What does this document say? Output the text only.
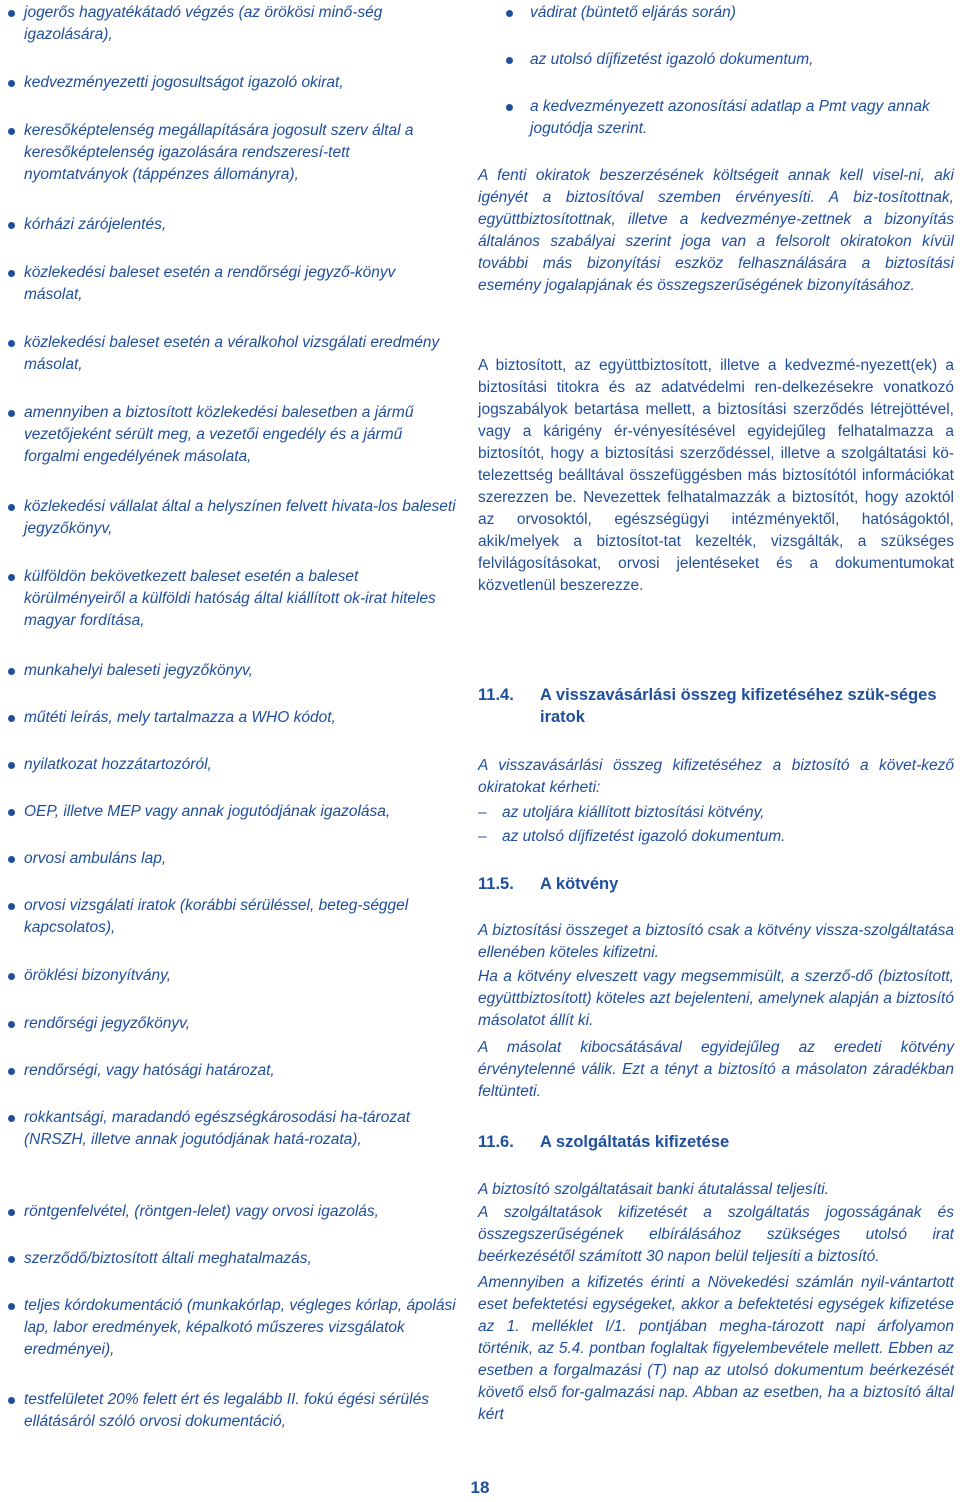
jogerős hagyatékátadó végzés (az örökösi minő-ség igazolására),
kedvezményezetti jogosultságot igazoló okirat,
keresőképtelenség megállapítására jogosult szerv által a keresőképtelenség igazolására rendszeresí-tett nyomtatványok (táppénzes állományra),
kórházi zárójelentés,
közlekedési baleset esetén a rendőrségi jegyző-könyv másolat,
közlekedési baleset esetén a véralkohol vizsgálati eredmény másolat,
amennyiben a biztosított közlekedési balesetben a jármű vezetőjeként sérült meg, a vezetői engedély és a jármű forgalmi engedélyének másolata,
közlekedési vállalat által a helyszínen felvett hivata-los baleseti jegyzőkönyv,
külföldön bekövetkezett baleset esetén a baleset körülményeiről a külföldi hatóság által kiállított ok-irat hiteles magyar fordítása,
munkahelyi baleseti jegyzőkönyv,
műtéti leírás, mely tartalmazza a WHO kódot,
nyilatkozat hozzátartozóról,
OEP, illetve MEP vagy annak jogutódjának igazolása,
orvosi ambuláns lap,
orvosi vizsgálati iratok (korábbi sérüléssel, beteg-séggel kapcsolatos),
öröklési bizonyítvány,
rendőrségi jegyzőkönyv,
rendőrségi, vagy hatósági határozat,
rokkantsági, maradandó egészségkárosodási ha-tározat (NRSZH, illetve annak jogutódjának hatá-rozata),
röntgenfelvétel, (röntgen-lelet) vagy orvosi igazolás,
szerződő/biztosított általi meghatalmazás,
teljes kórdokumentáció (munkakórlap, végleges kórlap, ápolási lap, labor eredmények, képalkotó műszeres vizsgálatok eredményei),
testfelületet 20% felett ért és legalább II. fokú égési sérülés ellátásáról szóló orvosi dokumentáció,
vádirat (büntető eljárás során)
az utolsó díjfizetést igazoló dokumentum,
a kedvezményezett azonosítási adatlap a Pmt vagy annak jogutódja szerint.
A fenti okiratok beszerzésének költségeit annak kell visel-ni, aki igényét a biztosítóval szemben érvényesíti. A biz-tosítottnak, együttbiztosítottnak, illetve a kedvezménye-zettnek a bizonyítás általános szabályai szerint joga van a felsorolt okiratokon kívül további más bizonyítási eszköz felhasználására a biztosítási esemény jogalapjának és összegszerűségének bizonyításához.
A biztosított, az együttbiztosított, illetve a kedvezmé-nyezett(ek) a biztosítási titokra és az adatvédelmi ren-delkezésekre vonatkozó jogszabályok betartása mellett, a biztosítási szerződés létrejöttével, vagy a kárigény ér-vényesítésével egyidejűleg felhatalmazza a biztosítót, hogy a biztosítási szerződéssel, illetve a szolgáltatási kö-telezettség beálltával összefüggésben más biztosítótól információkat szerezzen be. Nevezettek felhatalmazzák a biztosítót, hogy azoktól az orvosoktól, egészségügyi intézményektől, hatóságoktól, akik/melyek a biztosítot-tat kezelték, vizsgálták, a szükséges felvilágosításokat, orvosi jelentéseket és a dokumentumokat közvetlenül beszerezze.
11.4.	A visszavásárlási összeg kifizetéséhez szük-séges iratok
A visszavásárlási összeg kifizetéséhez a biztosító a követ-kező okiratokat kérheti:
– az utoljára kiállított biztosítási kötvény,
– az utolsó díjfizetést igazoló dokumentum.
11.5.	A kötvény
A biztosítási összeget a biztosító csak a kötvény vissza-szolgáltatása ellenében köteles kifizetni.
Ha a kötvény elveszett vagy megsemmisült, a szerző-dő (biztosított, együttbiztosított) köteles azt bejelenteni, amelynek alapján a biztosító másolatot állít ki.
A másolat kibocsátásával egyidejűleg az eredeti kötvény érvénytelenné válik. Ezt a tényt a biztosító a másolaton záradékban feltünteti.
11.6.	A szolgáltatás kifizetése
A biztosító szolgáltatásait banki átutalással teljesíti.
A szolgáltatások kifizetését a szolgáltatás jogosságának és összegszerűségének elbírálásához szükséges utolsó irat beérkezésétől számított 30 napon belül teljesíti a biztosító.
Amennyiben a kifizetés érinti a Növekedési számlán nyil-vántartott eset befektetési egységeket, akkor a befektetési egységek kifizetése az 1. melléklet I/1. pontjában megha-tározott napi árfolyamon történik, az 5.4. pontban foglaltak figyelembevétele mellett. Ebben az esetben a forgalmazási (T) nap az utolsó dokumentum beérkezését követő első for-galmazási nap. Abban az esetben, ha a biztosító által kért
18
